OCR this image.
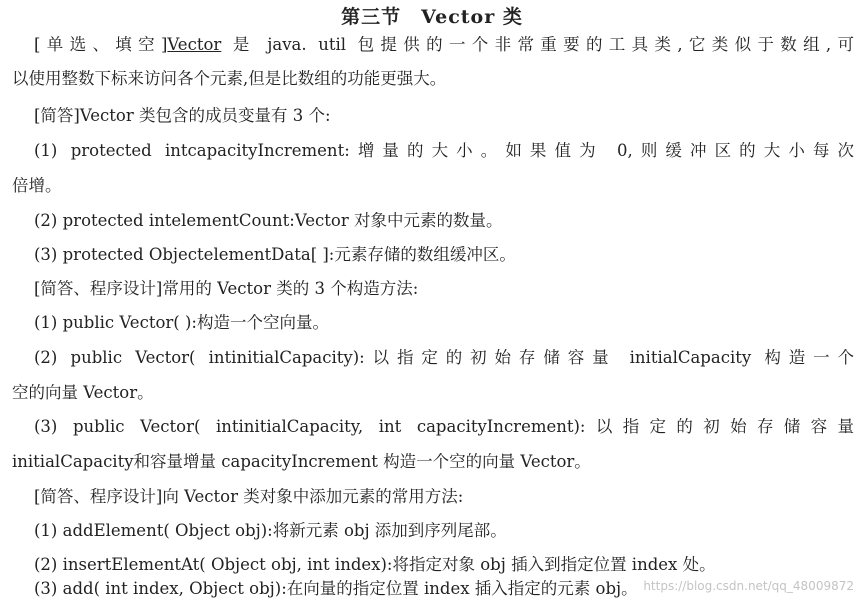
第三节　Vector 类
[单选、填空]Vector 是 java. util 包提供的一个非常重要的工具类,它类似于数组,可
以使用整数下标来访问各个元素,但是比数组的功能更强大。
[简答]Vector 类包含的成员变量有 3 个:
(1) protected intcapacityIncrement:增量的大小。如果值为 0,则缓冲区的大小每次
倍增。
(2) protected intelementCount:Vector 对象中元素的数量。
(3) protected ObjectelementData[ ]:元素存储的数组缓冲区。
[简答、程序设计]常用的 Vector 类的 3 个构造方法:
(1) public Vector( ):构造一个空向量。
(2) public Vector( intinitialCapacity):以指定的初始存储容量 initialCapacity 构造一个
空的向量 Vector。
(3) public Vector( intinitialCapacity, int capacityIncrement):以指定的初始存储容量
initialCapacity和容量增量 capacityIncrement 构造一个空的向量 Vector。
[简答、程序设计]向 Vector 类对象中添加元素的常用方法:
(1) addElement( Object obj):将新元素 obj 添加到序列尾部。
(2) insertElementAt( Object obj, int index):将指定对象 obj 插入到指定位置 index 处。
(3) add( int index, Object obj):在向量的指定位置 index 插入指定的元素 obj。 https://blog.csdn.net/qq_48009872
